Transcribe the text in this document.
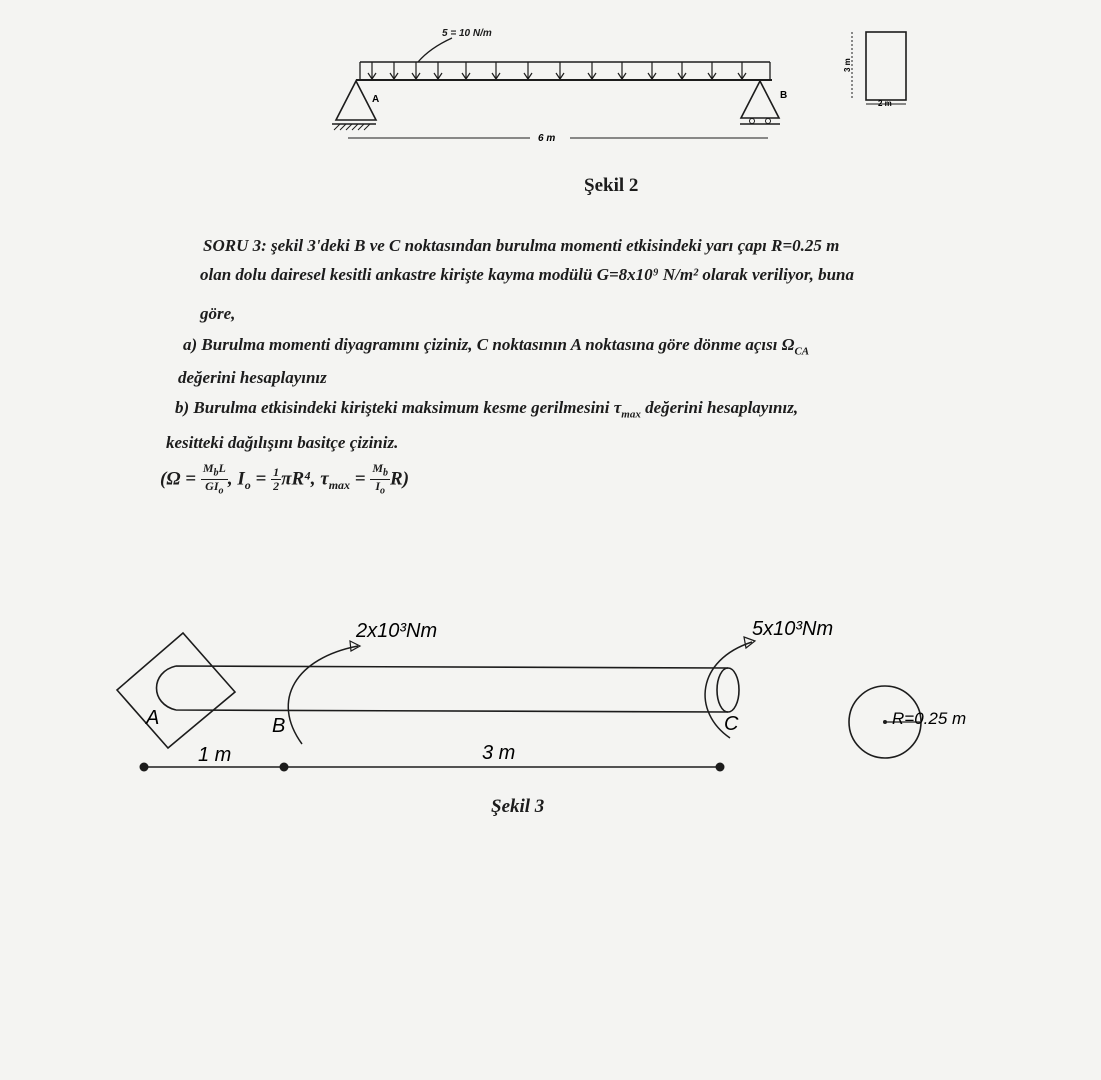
5 = 10 N/m
A	B
6 m
3 m
2 m
Şekil 2
SORU 3: şekil 3'deki B ve C noktasından burulma momenti etkisindeki yarı çapı R=0.25 m
olan dolu dairesel kesitli ankastre kirişte kayma modülü G=8x10⁹ N/m² olarak veriliyor, buna
göre,
a) Burulma momenti diyagramını çiziniz, C noktasının A noktasına göre dönme açısı $\Omega_{CA}$
değerini hesaplayınız
b) Burulma etkisindeki kirişteki maksimum kesme gerilmesini $\tau_{max}$ değerini hesaplayınız,
kesitteki dağılışını basitçe çiziniz.
($\Omega = \frac{M_bL}{GI_o}$ , $I_o = \frac{1}{2} \pi R^4$, $\tau_{max} = \frac{M_b}{I_o} R$)
2x10³Nm	5x10³Nm
A	B	C
1 m	3 m
R=0.25 m
Şekil 3
